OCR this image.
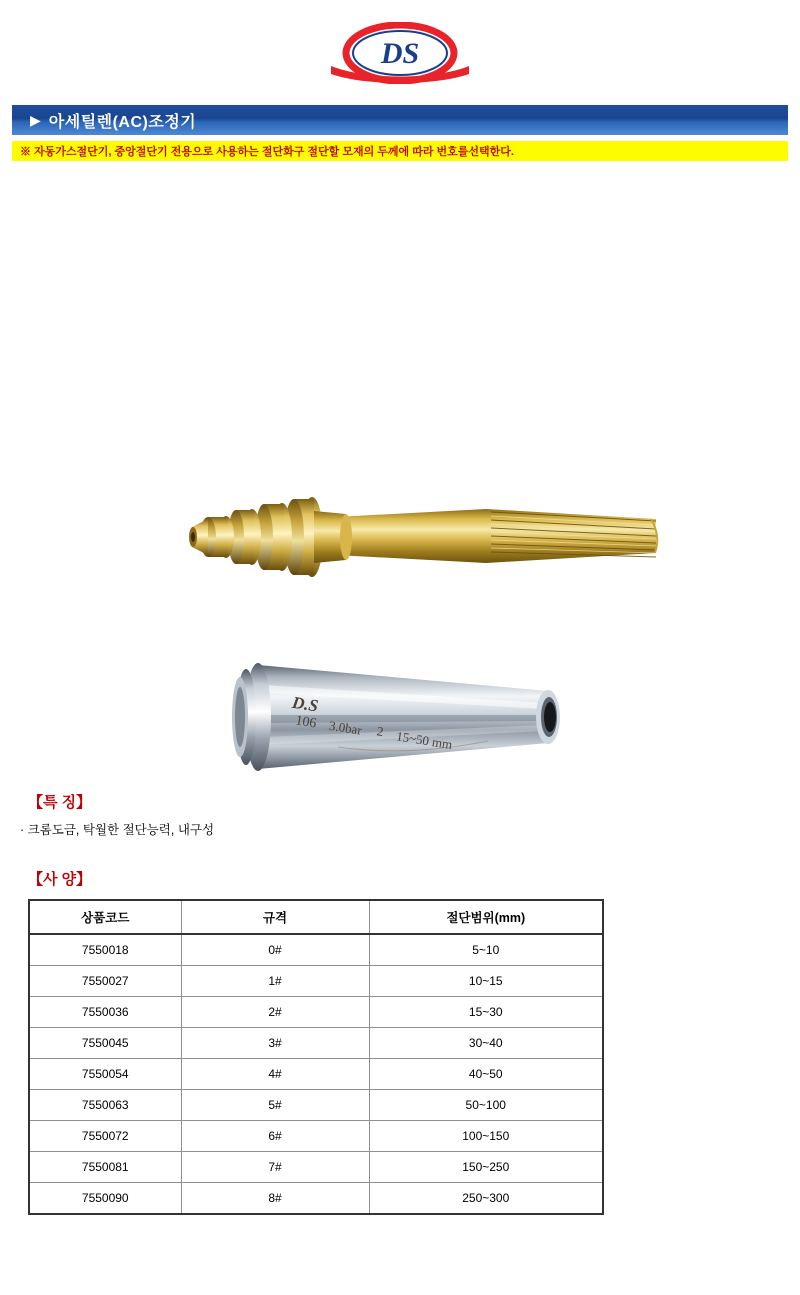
DS
▶ 아세틸렌(AC)조정기
※ 자동가스절단기, 중앙절단기 전용으로 사용하는 절단화구 절단할 모재의 두께에 따라 번호를선택한다.
D.S
106 3.0bar 2 15~50 mm
【특 징】
· 크롬도금, 탁월한 절단능력, 내구성
【사 양】
상품코드	규격	절단범위(mm)
7550018	0#	5~10
7550027	1#	10~15
7550036	2#	15~30
7550045	3#	30~40
7550054	4#	40~50
7550063	5#	50~100
7550072	6#	100~150
7550081	7#	150~250
7550090	8#	250~300
